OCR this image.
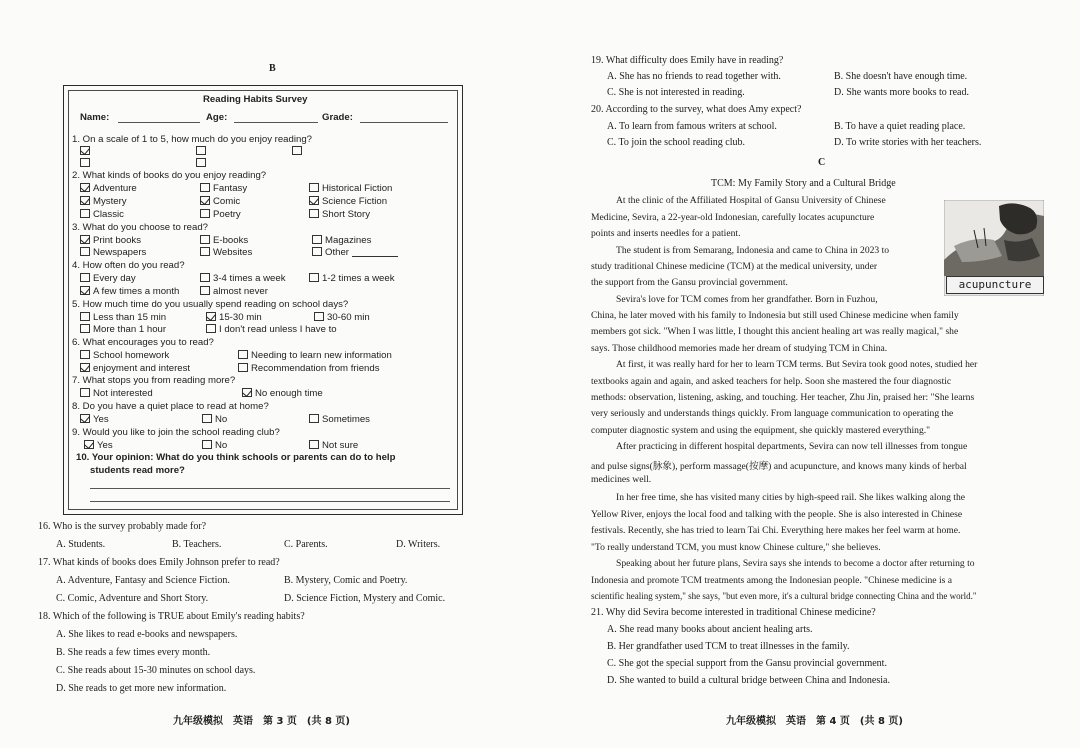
B
Reading Habits Survey
Name:	Age:	Grade:
1. On a scale of 1 to 5, how much do you enjoy reading?
2. What kinds of books do you enjoy reading?
Adventure	Fantasy	Historical Fiction
Mystery	Comic	Science Fiction
Classic	Poetry	Short Story
3. What do you choose to read?
Print books	E-books	Magazines
Newspapers	Websites	Other
4. How often do you read?
Every day	3-4 times a week	1-2 times a week
A few times a month	almost never
5. How much time do you usually spend reading on school days?
Less than 15 min	15-30 min	30-60 min
More than 1 hour	I don't read unless I have to
6. What encourages you to read?
School homework	Needing to learn new information
enjoyment and interest	Recommendation from friends
7. What stops you from reading more?
Not interested	No enough time
8. Do you have a quiet place to read at home?
Yes	No	Sometimes
9. Would you like to join the school reading club?
Yes	No	Not sure
10. Your opinion: What do you think schools or parents can do to help
students read more?
16. Who is the survey probably made for?
A. Students.	B. Teachers.	C. Parents.	D. Writers.
17. What kinds of books does Emily Johnson prefer to read?
A. Adventure, Fantasy and Science Fiction.	B. Mystery, Comic and Poetry.
C. Comic, Adventure and Short Story.	D. Science Fiction, Mystery and Comic.
18. Which of the following is TRUE about Emily's reading habits?
A. She likes to read e-books and newspapers.
B. She reads a few times every month.
C. She reads about 15-30 minutes on school days.
D. She reads to get more new information.
九年级模拟　英语　第 3 页　(共 8 页)
19. What difficulty does Emily have in reading?
A. She has no friends to read together with.	B. She doesn't have enough time.
C. She is not interested in reading.	D. She wants more books to read.
20. According to the survey, what does Amy expect?
A. To learn from famous writers at school.	B. To have a quiet reading place.
C. To join the school reading club.	D. To write stories with her teachers.
C
TCM: My Family Story and a Cultural Bridge
acupuncture
At the clinic of the Affiliated Hospital of Gansu University of Chinese
Medicine, Sevira, a 22-year-old Indonesian, carefully locates acupuncture
points and inserts needles for a patient.
The student is from Semarang, Indonesia and came to China in 2023 to
study traditional Chinese medicine (TCM) at the medical university, under
the support from the Gansu provincial government.
Sevira's love for TCM comes from her grandfather. Born in Fuzhou,
China, he later moved with his family to Indonesia but still used Chinese medicine when family
members got sick. "When I was little, I thought this ancient healing art was really magical," she
says. Those childhood memories made her dream of studying TCM in China.
At first, it was really hard for her to learn TCM terms. But Sevira took good notes, studied her
textbooks again and again, and asked teachers for help. Soon she mastered the four diagnostic
methods: observation, listening, asking, and touching. Her teacher, Zhu Jin, praised her: "She learns
very seriously and understands things quickly. From language communication to operating the
computer diagnostic system and using the equipment, she quickly mastered everything."
After practicing in different hospital departments, Sevira can now tell illnesses from tongue
and pulse signs(脉象), perform massage(按摩) and acupuncture, and knows many kinds of herbal
medicines well.
In her free time, she has visited many cities by high-speed rail. She likes walking along the
Yellow River, enjoys the local food and talking with the people. She is also interested in Chinese
festivals. Recently, she has tried to learn Tai Chi. Everything here makes her feel warm at home.
"To really understand TCM, you must know Chinese culture," she believes.
Speaking about her future plans, Sevira says she intends to become a doctor after returning to
Indonesia and promote TCM treatments among the Indonesian people. "Chinese medicine is a
scientific healing system," she says, "but even more, it's a cultural bridge connecting China and the world."
21. Why did Sevira become interested in traditional Chinese medicine?
A. She read many books about ancient healing arts.
B. Her grandfather used TCM to treat illnesses in the family.
C. She got the special support from the Gansu provincial government.
D. She wanted to build a cultural bridge between China and Indonesia.
九年级模拟　英语　第 4 页　(共 8 页)
